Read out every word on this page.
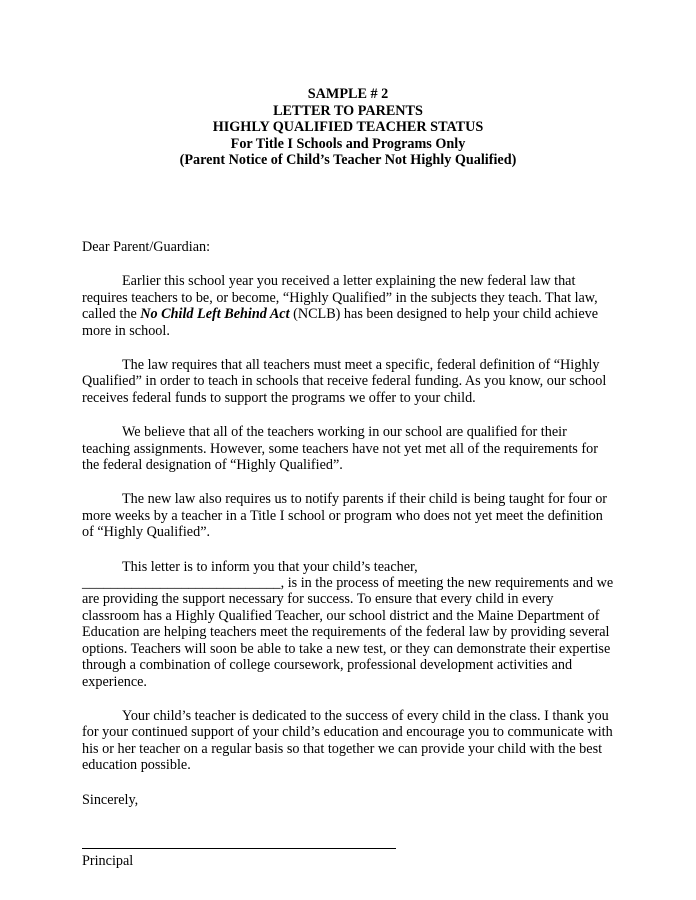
SAMPLE # 2
LETTER TO PARENTS
HIGHLY QUALIFIED TEACHER STATUS
For Title I Schools and Programs Only
(Parent Notice of Child’s Teacher Not Highly Qualified)
Dear Parent/Guardian:
Earlier this school year you received a letter explaining the new federal law that requires teachers to be, or become, “Highly Qualified” in the subjects they teach. That law, called the No Child Left Behind Act (NCLB) has been designed to help your child achieve more in school.
The law requires that all teachers must meet a specific, federal definition of “Highly Qualified” in order to teach in schools that receive federal funding. As you know, our school receives federal funds to support the programs we offer to your child.
We believe that all of the teachers working in our school are qualified for their teaching assignments. However, some teachers have not yet met all of the requirements for the federal designation of “Highly Qualified”.
The new law also requires us to notify parents if their child is being taught for four or more weeks by a teacher in a Title I school or program who does not yet meet the definition of “Highly Qualified”.
This letter is to inform you that your child’s teacher, ____________________________, is in the process of meeting the new requirements and we are providing the support necessary for success. To ensure that every child in every classroom has a Highly Qualified Teacher, our school district and the Maine Department of Education are helping teachers meet the requirements of the federal law by providing several options. Teachers will soon be able to take a new test, or they can demonstrate their expertise through a combination of college coursework, professional development activities and experience.
Your child’s teacher is dedicated to the success of every child in the class. I thank you for your continued support of your child’s education and encourage you to communicate with his or her teacher on a regular basis so that together we can provide your child with the best education possible.
Sincerely,
Principal
